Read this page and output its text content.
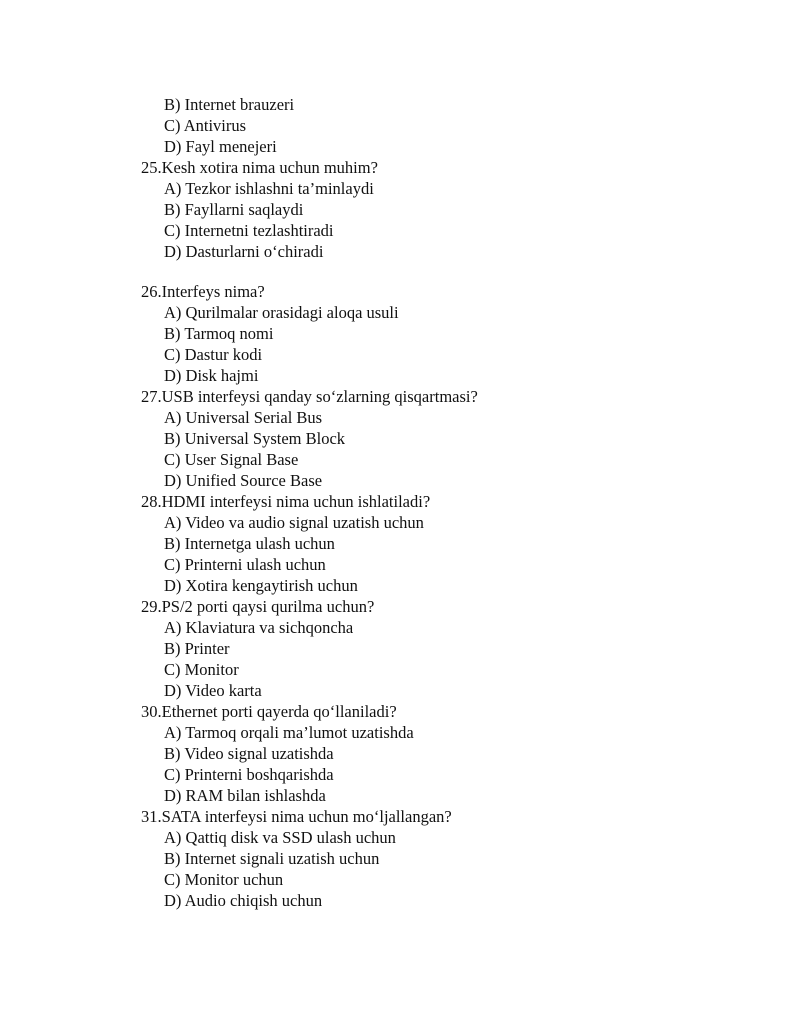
B) Internet brauzeri
C) Antivirus
D) Fayl menejeri
25.Kesh xotira nima uchun muhim?
A) Tezkor ishlashni ta’minlaydi
B) Fayllarni saqlaydi
C) Internetni tezlashtiradi
D) Dasturlarni o‘chiradi
26.Interfeys nima?
A) Qurilmalar orasidagi aloqa usuli
B) Tarmoq nomi
C) Dastur kodi
D) Disk hajmi
27.USB interfeysi qanday so‘zlarning qisqartmasi?
A) Universal Serial Bus
B) Universal System Block
C) User Signal Base
D) Unified Source Base
28.HDMI interfeysi nima uchun ishlatiladi?
A) Video va audio signal uzatish uchun
B) Internetga ulash uchun
C) Printerni ulash uchun
D) Xotira kengaytirish uchun
29.PS/2 porti qaysi qurilma uchun?
A) Klaviatura va sichqoncha
B) Printer
C) Monitor
D) Video karta
30.Ethernet porti qayerda qo‘llaniladi?
A) Tarmoq orqali ma’lumot uzatishda
B) Video signal uzatishda
C) Printerni boshqarishda
D) RAM bilan ishlashda
31.SATA interfeysi nima uchun mo‘ljallangan?
A) Qattiq disk va SSD ulash uchun
B) Internet signali uzatish uchun
C) Monitor uchun
D) Audio chiqish uchun
